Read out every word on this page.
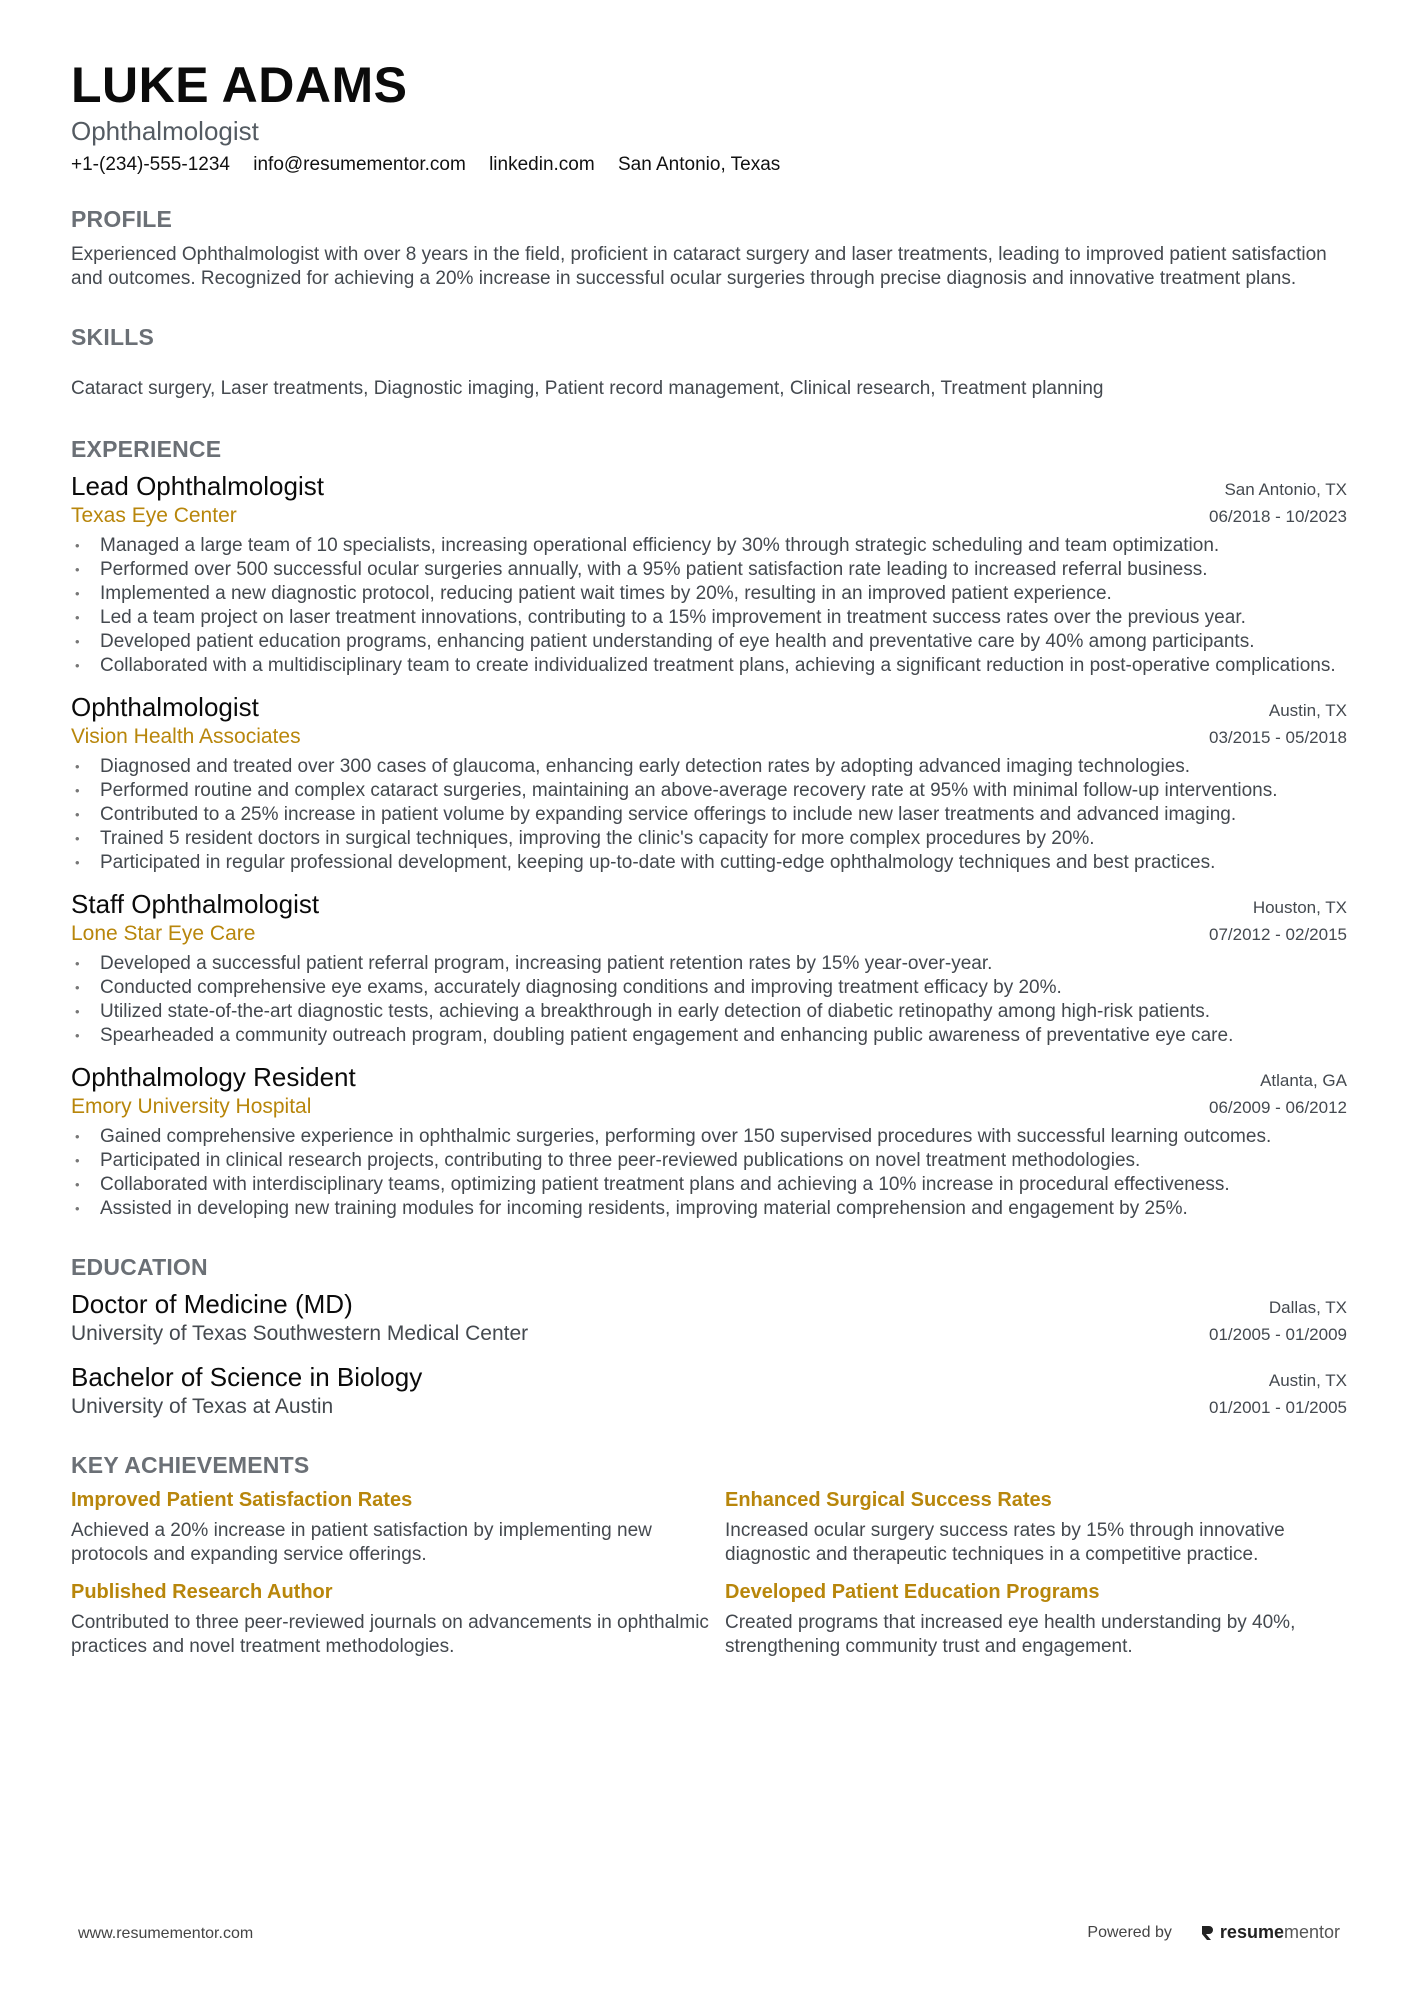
LUKE ADAMS
Ophthalmologist
+1-(234)-555-1234 info@resumementor.com linkedin.com San Antonio, Texas
PROFILE
Experienced Ophthalmologist with over 8 years in the field, proficient in cataract surgery and laser treatments, leading to improved patient satisfaction and outcomes. Recognized for achieving a 20% increase in successful ocular surgeries through precise diagnosis and innovative treatment plans.
SKILLS
Cataract surgery, Laser treatments, Diagnostic imaging, Patient record management, Clinical research, Treatment planning
EXPERIENCE
Lead Ophthalmologist	San Antonio, TX
Texas Eye Center	06/2018 - 10/2023
• Managed a large team of 10 specialists, increasing operational efficiency by 30% through strategic scheduling and team optimization.
• Performed over 500 successful ocular surgeries annually, with a 95% patient satisfaction rate leading to increased referral business.
• Implemented a new diagnostic protocol, reducing patient wait times by 20%, resulting in an improved patient experience.
• Led a team project on laser treatment innovations, contributing to a 15% improvement in treatment success rates over the previous year.
• Developed patient education programs, enhancing patient understanding of eye health and preventative care by 40% among participants.
• Collaborated with a multidisciplinary team to create individualized treatment plans, achieving a significant reduction in post-operative complications.
Ophthalmologist	Austin, TX
Vision Health Associates	03/2015 - 05/2018
• Diagnosed and treated over 300 cases of glaucoma, enhancing early detection rates by adopting advanced imaging technologies.
• Performed routine and complex cataract surgeries, maintaining an above-average recovery rate at 95% with minimal follow-up interventions.
• Contributed to a 25% increase in patient volume by expanding service offerings to include new laser treatments and advanced imaging.
• Trained 5 resident doctors in surgical techniques, improving the clinic's capacity for more complex procedures by 20%.
• Participated in regular professional development, keeping up-to-date with cutting-edge ophthalmology techniques and best practices.
Staff Ophthalmologist	Houston, TX
Lone Star Eye Care	07/2012 - 02/2015
• Developed a successful patient referral program, increasing patient retention rates by 15% year-over-year.
• Conducted comprehensive eye exams, accurately diagnosing conditions and improving treatment efficacy by 20%.
• Utilized state-of-the-art diagnostic tests, achieving a breakthrough in early detection of diabetic retinopathy among high-risk patients.
• Spearheaded a community outreach program, doubling patient engagement and enhancing public awareness of preventative eye care.
Ophthalmology Resident	Atlanta, GA
Emory University Hospital	06/2009 - 06/2012
• Gained comprehensive experience in ophthalmic surgeries, performing over 150 supervised procedures with successful learning outcomes.
• Participated in clinical research projects, contributing to three peer-reviewed publications on novel treatment methodologies.
• Collaborated with interdisciplinary teams, optimizing patient treatment plans and achieving a 10% increase in procedural effectiveness.
• Assisted in developing new training modules for incoming residents, improving material comprehension and engagement by 25%.
EDUCATION
Doctor of Medicine (MD)	Dallas, TX
University of Texas Southwestern Medical Center	01/2005 - 01/2009
Bachelor of Science in Biology	Austin, TX
University of Texas at Austin	01/2001 - 01/2005
KEY ACHIEVEMENTS
Improved Patient Satisfaction Rates
Achieved a 20% increase in patient satisfaction by implementing new protocols and expanding service offerings.
Enhanced Surgical Success Rates
Increased ocular surgery success rates by 15% through innovative diagnostic and therapeutic techniques in a competitive practice.
Published Research Author
Contributed to three peer-reviewed journals on advancements in ophthalmic practices and novel treatment methodologies.
Developed Patient Education Programs
Created programs that increased eye health understanding by 40%, strengthening community trust and engagement.
www.resumementor.com	Powered by	resume mentor
